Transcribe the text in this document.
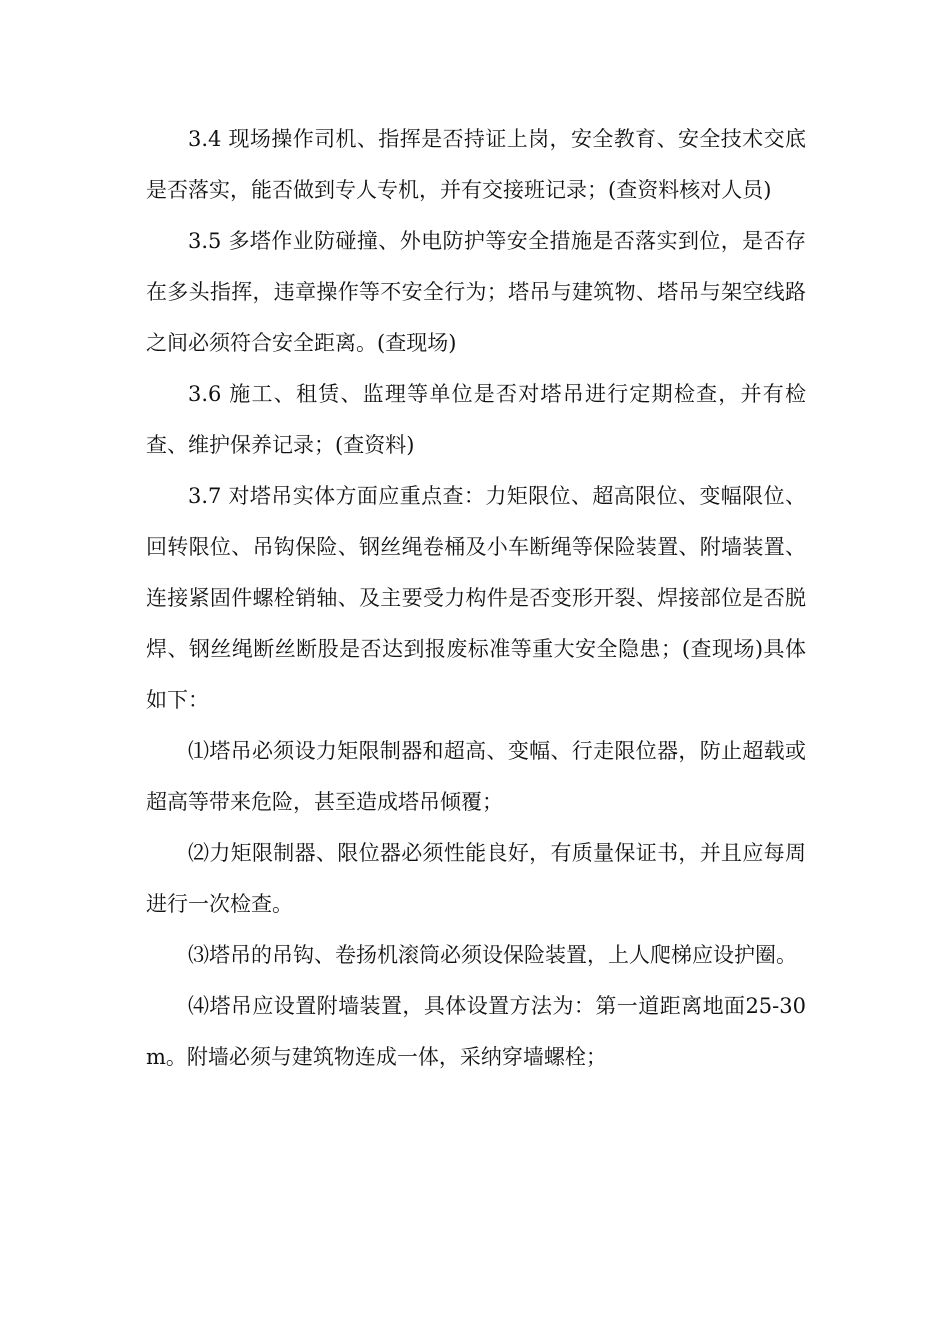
3.4 现场操作司机、指挥是否持证上岗，安全教育、安全技术交底是否落实，能否做到专人专机，并有交接班记录；(查资料核对人员)

3.5 多塔作业防碰撞、外电防护等安全措施是否落实到位，是否存在多头指挥，违章操作等不安全行为；塔吊与建筑物、塔吊与架空线路之间必须符合安全距离。(查现场)

3.6 施工、租赁、监理等单位是否对塔吊进行定期检查，并有检查、维护保养记录；(查资料)

3.7 对塔吊实体方面应重点查：力矩限位、超高限位、变幅限位、回转限位、吊钩保险、钢丝绳卷桶及小车断绳等保险装置、附墙装置、连接紧固件螺栓销轴、及主要受力构件是否变形开裂、焊接部位是否脱焊、钢丝绳断丝断股是否达到报废标准等重大安全隐患；(查现场)具体如下：

⑴塔吊必须设力矩限制器和超高、变幅、行走限位器，防止超载或超高等带来危险，甚至造成塔吊倾覆；

⑵力矩限制器、限位器必须性能良好，有质量保证书，并且应每周进行一次检查。

⑶塔吊的吊钩、卷扬机滚筒必须设保险装置，上人爬梯应设护圈。

⑷塔吊应设置附墙装置，具体设置方法为：第一道距离地面25-30m。附墙必须与建筑物连成一体，采纳穿墙螺栓；
